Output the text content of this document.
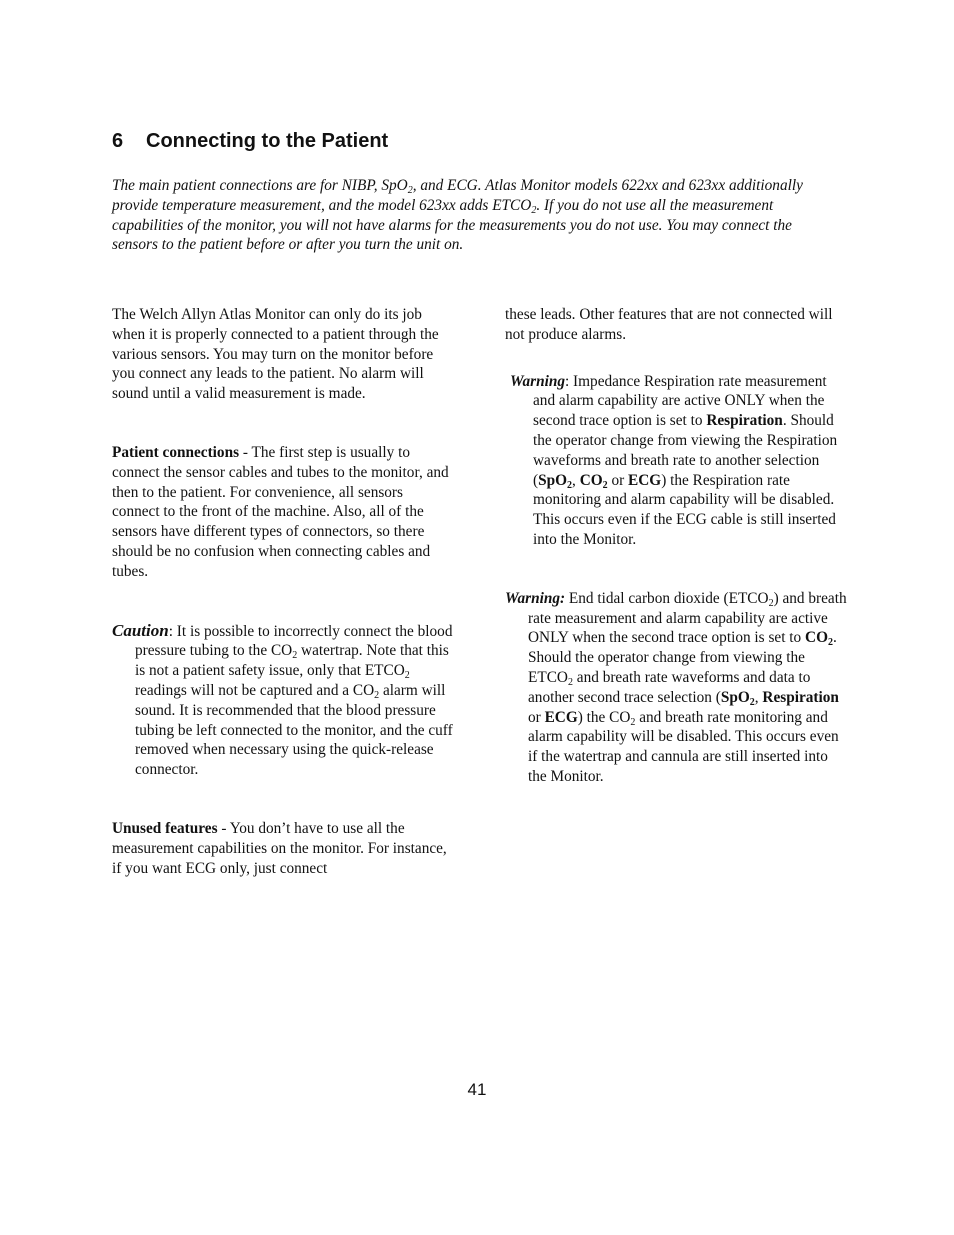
6 Connecting to the Patient

The main patient connections are for NIBP, SpO$_2$, and ECG. Atlas Monitor models 622xx and 623xx additionally provide temperature measurement, and the model 623xx adds $ETCO_2$. If you do not use all the measurement capabilities of the monitor, you will not have alarms for the measurements you do not use. You may connect the sensors to the patient before or after you turn the unit on.

The Welch Allyn Atlas Monitor can only do its job when it is properly connected to a patient through the various sensors. You may turn on the monitor before you connect any leads to the patient. No alarm will sound until a valid measurement is made.

Patient connections - The first step is usually to connect the sensor cables and tubes to the monitor, and then to the patient. For convenience, all sensors connect to the front of the machine. Also, all of the sensors have different types of connectors, so there should be no confusion when connecting cables and tubes.

Caution: It is possible to incorrectly connect the blood pressure tubing to the $CO_2$ watertrap. Note that this is not a patient safety issue, only that $ETCO_2$ readings will not be captured and a $CO_2$ alarm will sound. It is recommended that the blood pressure tubing be left connected to the monitor, and the cuff removed when necessary using the quick-release connector.

Unused features - You don’t have to use all the measurement capabilities on the monitor. For instance, if you want ECG only, just connect

these leads. Other features that are not connected will not produce alarms.

Warning: Impedance Respiration rate measurement and alarm capability are active ONLY when the second trace option is set to Respiration. Should the operator change from viewing the Respiration waveforms and breath rate to another selection (SpO$_2$, $CO_2$ or ECG) the Respiration rate monitoring and alarm capability will be disabled. This occurs even if the ECG cable is still inserted into the Monitor.

Warning: End tidal carbon dioxide $(ETCO_2)$ and breath rate measurement and alarm capability are active ONLY when the second trace option is set to $CO_2$. Should the operator change from viewing the $ETCO_2$ and breath rate waveforms and data to another second trace selection (SpO$_2$, Respiration or ECG) the $CO_2$ and breath rate monitoring and alarm capability will be disabled. This occurs even if the watertrap and cannula are still inserted into the Monitor.

41
